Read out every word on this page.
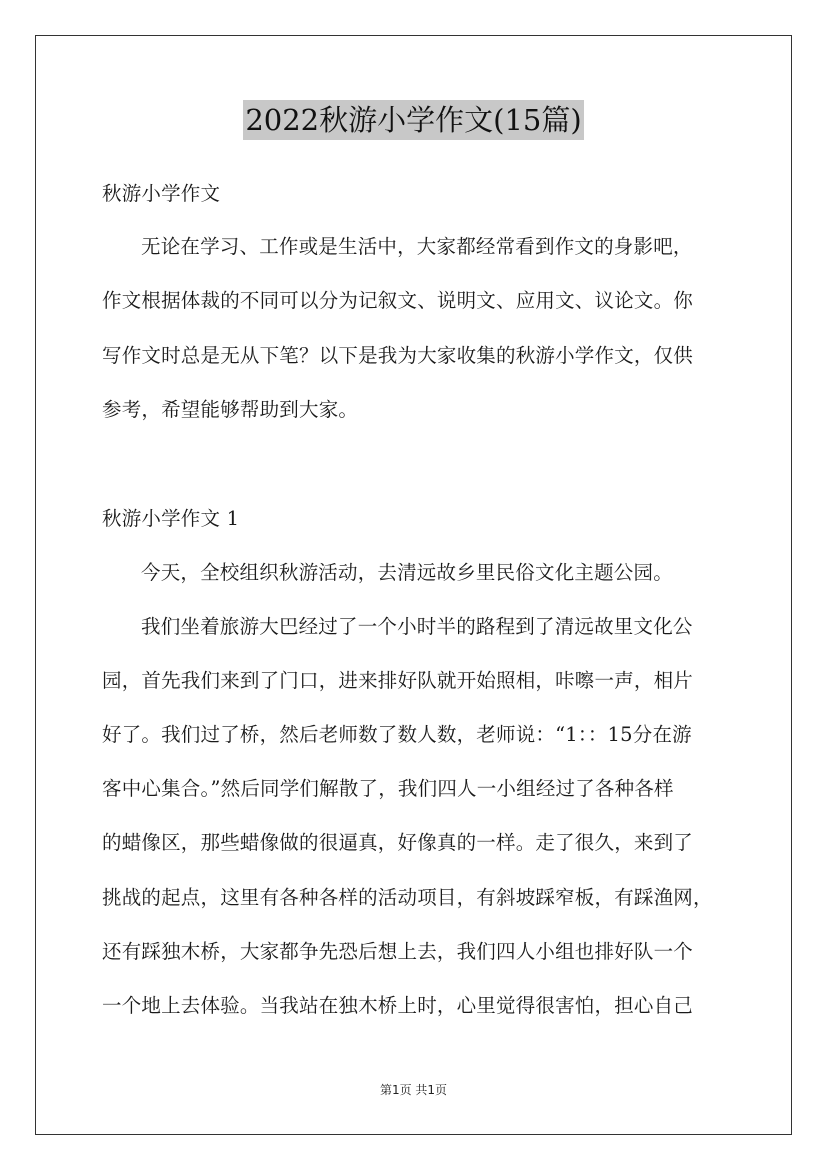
2022秋游小学作文(15篇)
秋游小学作文
无论在学习、工作或是生活中，大家都经常看到作文的身影吧，
作文根据体裁的不同可以分为记叙文、说明文、应用文、议论文。你
写作文时总是无从下笔？以下是我为大家收集的秋游小学作文，仅供
参考，希望能够帮助到大家。
秋游小学作文 1
今天，全校组织秋游活动，去清远故乡里民俗文化主题公园。
我们坐着旅游大巴经过了一个小时半的路程到了清远故里文化公
园，首先我们来到了门口，进来排好队就开始照相，咔嚓一声，相片
好了。我们过了桥，然后老师数了数人数，老师说：“1：：15分在游
客中心集合。”然后同学们解散了，我们四人一小组经过了各种各样
的蜡像区，那些蜡像做的很逼真，好像真的一样。走了很久，来到了
挑战的起点，这里有各种各样的活动项目，有斜坡踩窄板，有踩渔网，
还有踩独木桥，大家都争先恐后想上去，我们四人小组也排好队一个
一个地上去体验。当我站在独木桥上时，心里觉得很害怕，担心自己
第1页 共1页
